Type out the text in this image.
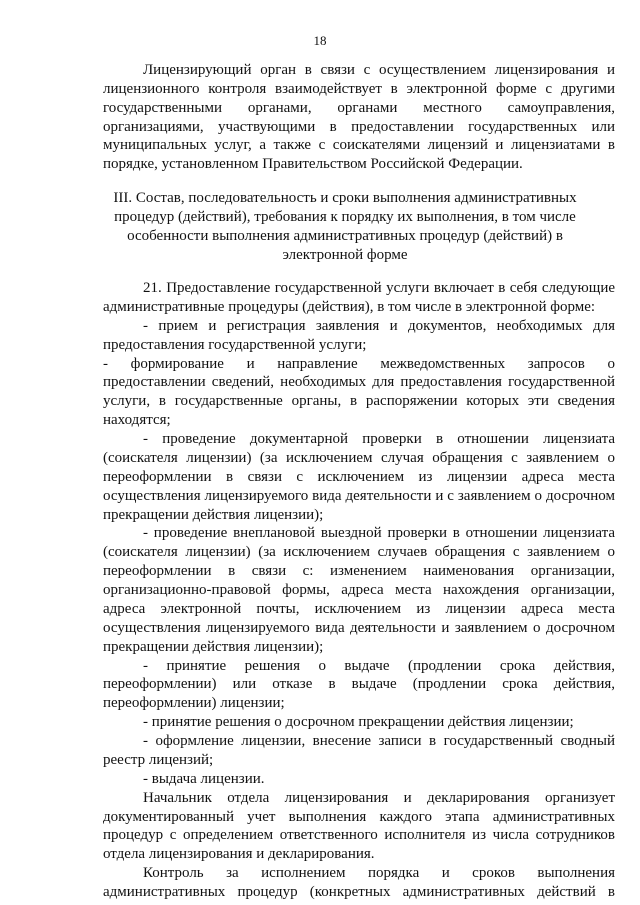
18
Лицензирующий орган в связи с осуществлением лицензирования и
лицензионного контроля взаимодействует в электронной форме с другими
государственными органами, органами местного самоуправления,
организациями, участвующими в предоставлении государственных или
муниципальных услуг, а также с соискателями лицензий и лицензиатами в
порядке, установленном Правительством Российской Федерации.
III. Состав, последовательность и сроки выполнения административных
процедур (действий), требования к порядку их выполнения, в том числе
особенности выполнения административных процедур (действий) в
электронной форме
21. Предоставление государственной услуги включает в себя следующие
административные процедуры (действия), в том числе в электронной форме:
- прием и регистрация заявления и документов, необходимых для
предоставления государственной услуги;
- формирование и направление межведомственных запросов о
предоставлении сведений, необходимых для предоставления государственной
услуги, в государственные органы, в распоряжении которых эти сведения
находятся;
- проведение документарной проверки в отношении лицензиата
(соискателя лицензии) (за исключением случая обращения с заявлением о
переоформлении в связи с исключением из лицензии адреса места
осуществления лицензируемого вида деятельности и с заявлением о досрочном
прекращении действия лицензии);
- проведение внеплановой выездной проверки в отношении лицензиата
(соискателя лицензии) (за исключением случаев обращения с заявлением о
переоформлении в связи с: изменением наименования организации,
организационно-правовой формы, адреса места нахождения организации,
адреса электронной почты, исключением из лицензии адреса места
осуществления лицензируемого вида деятельности и заявлением о досрочном
прекращении действия лицензии);
- принятие решения о выдаче (продлении срока действия,
переоформлении) или отказе в выдаче (продлении срока действия,
переоформлении) лицензии;
- принятие решения о досрочном прекращении действия лицензии;
- оформление лицензии, внесение записи в государственный сводный
реестр лицензий;
- выдача лицензии.
Начальник отдела лицензирования и декларирования организует
документированный учет выполнения каждого этапа административных
процедур с определением ответственного исполнителя из числа сотрудников
отдела лицензирования и декларирования.
Контроль за исполнением порядка и сроков выполнения
административных процедур (конкретных административных действий в
